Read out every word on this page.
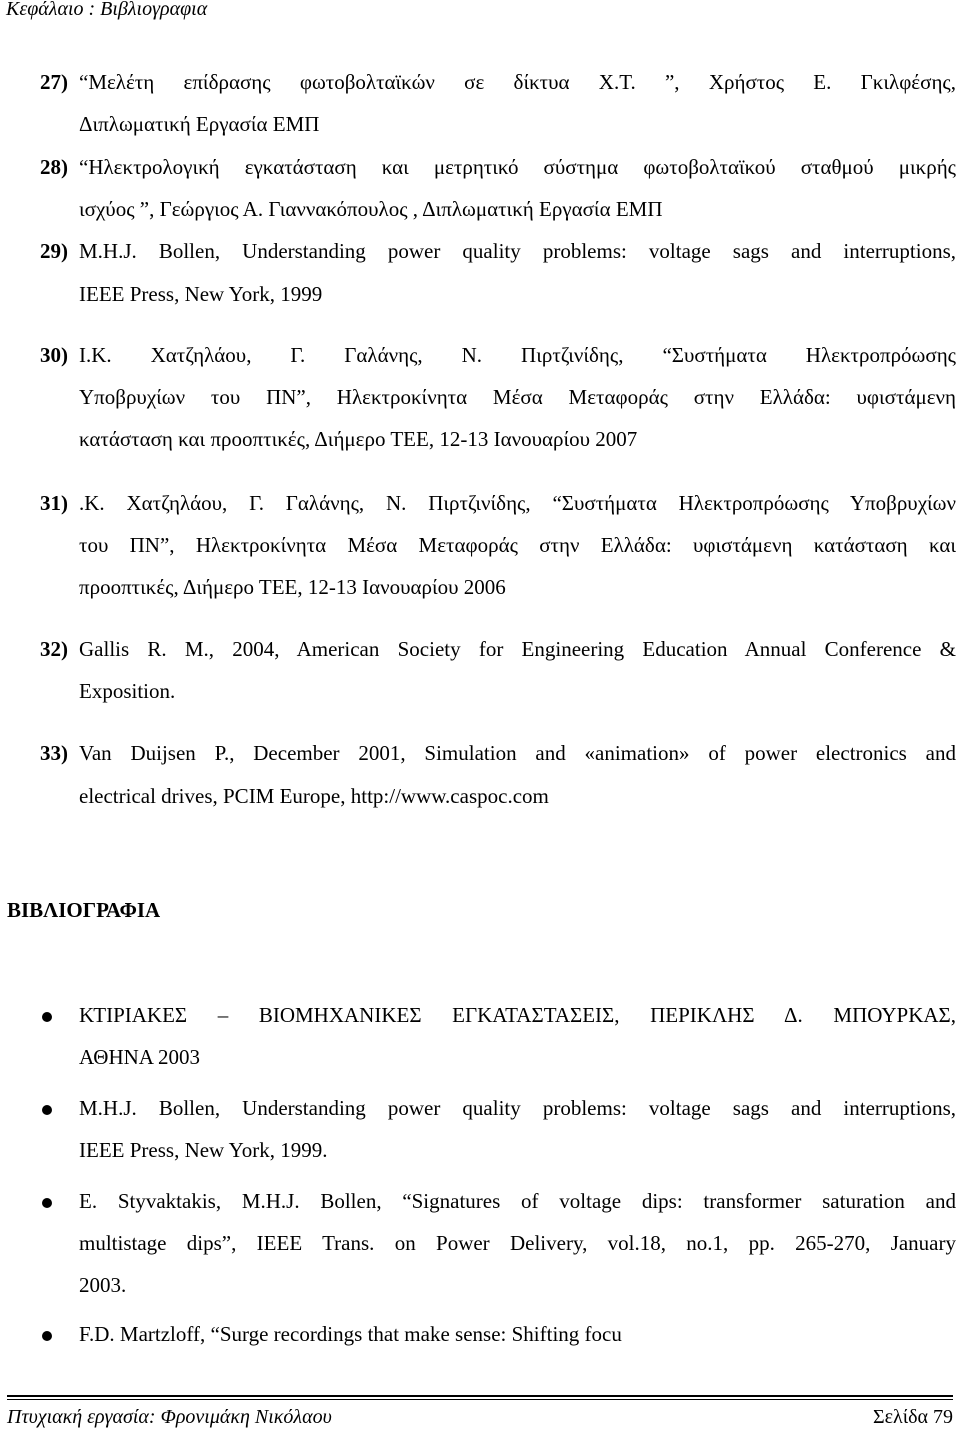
Κεφάλαιο : Βιβλιογραφια
27) “Μελέτη επίδρασης φωτοβολταϊκών σε δίκτυα Χ.Τ. ”, Χρήστος Ε. Γκιλφέσης,
Διπλωματική Εργασία ΕΜΠ
28) “Ηλεκτρολογική εγκατάσταση και μετρητικό σύστημα φωτοβολταϊκού σταθμού μικρής
ισχύος ”, Γεώργιος Α. Γιαννακόπουλος , Διπλωματική Εργασία ΕΜΠ
29) M.H.J. Bollen, Understanding power quality problems: voltage sags and interruptions,
IEEE Press, New York, 1999
30) Ι.Κ. Χατζηλάου, Γ. Γαλάνης, Ν. Πιρτζινίδης, “Συστήματα Ηλεκτροπρόωσης
Υποβρυχίων του ΠΝ”, Ηλεκτροκίνητα Μέσα Μεταφοράς στην Ελλάδα: υφιστάμενη
κατάσταση και προοπτικές, Διήμερο ΤΕΕ, 12-13 Ιανουαρίου 2007
31) .Κ. Χατζηλάου, Γ. Γαλάνης, Ν. Πιρτζινίδης, “Συστήματα Ηλεκτροπρόωσης Υποβρυχίων
του ΠΝ”, Ηλεκτροκίνητα Μέσα Μεταφοράς στην Ελλάδα: υφιστάμενη κατάσταση και
προοπτικές, Διήμερο ΤΕΕ, 12-13 Ιανουαρίου 2006
32) Gallis R. M., 2004, American Society for Engineering Education Annual Conference &
Exposition.
33) Van Duijsen P., December 2001, Simulation and «animation» of power electronics and
electrical drives, PCIM Europe, http://www.caspoc.com
ΒΙΒΛΙΟΓΡΑΦΙΑ
ΚΤΙΡΙΑΚΕΣ – ΒΙΟΜΗΧΑΝΙΚΕΣ ΕΓΚΑΤΑΣΤΑΣΕΙΣ, ΠΕΡΙΚΛΗΣ Δ. ΜΠΟΥΡΚΑΣ,
ΑΘΗΝΑ 2003
M.H.J. Bollen, Understanding power quality problems: voltage sags and interruptions,
IEEE Press, New York, 1999.
E. Styvaktakis, M.H.J. Bollen, “Signatures of voltage dips: transformer saturation and
multistage dips”, IEEE Trans. on Power Delivery, vol.18, no.1, pp. 265-270, January
2003.
F.D. Martzloff, “Surge recordings that make sense: Shifting focu
Πτυχιακή εργασία: Φρονιμάκη Νικόλαου	Σελίδα 79
